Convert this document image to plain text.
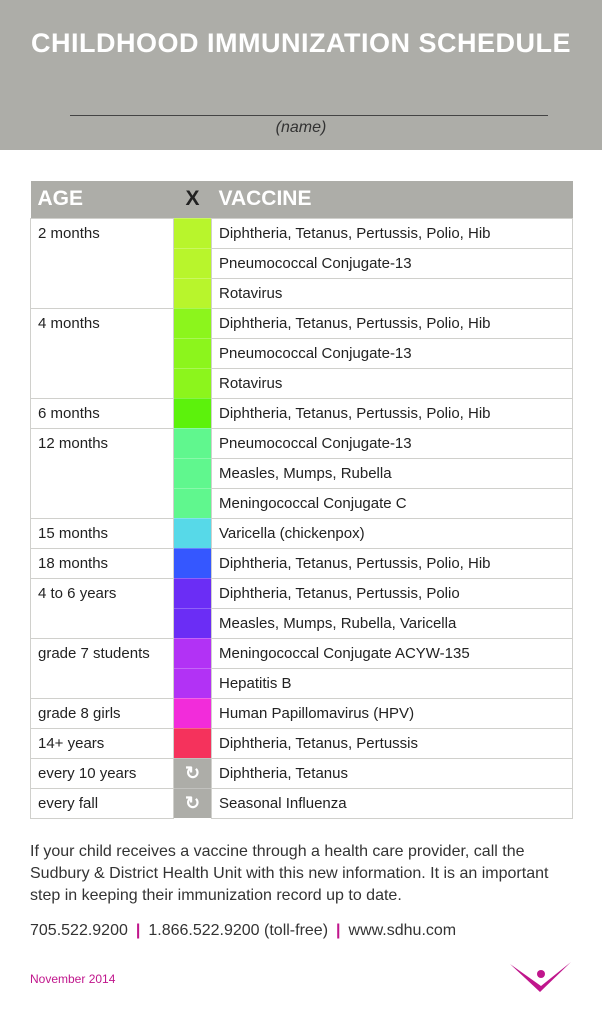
CHILDHOOD IMMUNIZATION SCHEDULE
(name)
AGE	X	VACCINE
2 months		Diphtheria, Tetanus, Pertussis, Polio, Hib
		Pneumococcal Conjugate-13
		Rotavirus
4 months		Diphtheria, Tetanus, Pertussis, Polio, Hib
		Pneumococcal Conjugate-13
		Rotavirus
6 months		Diphtheria, Tetanus, Pertussis, Polio, Hib
12 months		Pneumococcal Conjugate-13
		Measles, Mumps, Rubella
		Meningococcal Conjugate C
15 months		Varicella (chickenpox)
18 months		Diphtheria, Tetanus, Pertussis, Polio, Hib
4 to 6 years		Diphtheria, Tetanus, Pertussis, Polio
		Measles, Mumps, Rubella, Varicella
grade 7 students		Meningococcal Conjugate ACYW-135
		Hepatitis B
grade 8 girls		Human Papillomavirus (HPV)
14+ years		Diphtheria, Tetanus, Pertussis
every 10 years	↻	Diphtheria, Tetanus
every fall	↻	Seasonal Influenza
If your child receives a vaccine through a health care provider, call the Sudbury & District Health Unit with this new information. It is an important step in keeping their immunization record up to date.
705.522.9200 | 1.866.522.9200 (toll-free) | www.sdhu.com
November 2014
